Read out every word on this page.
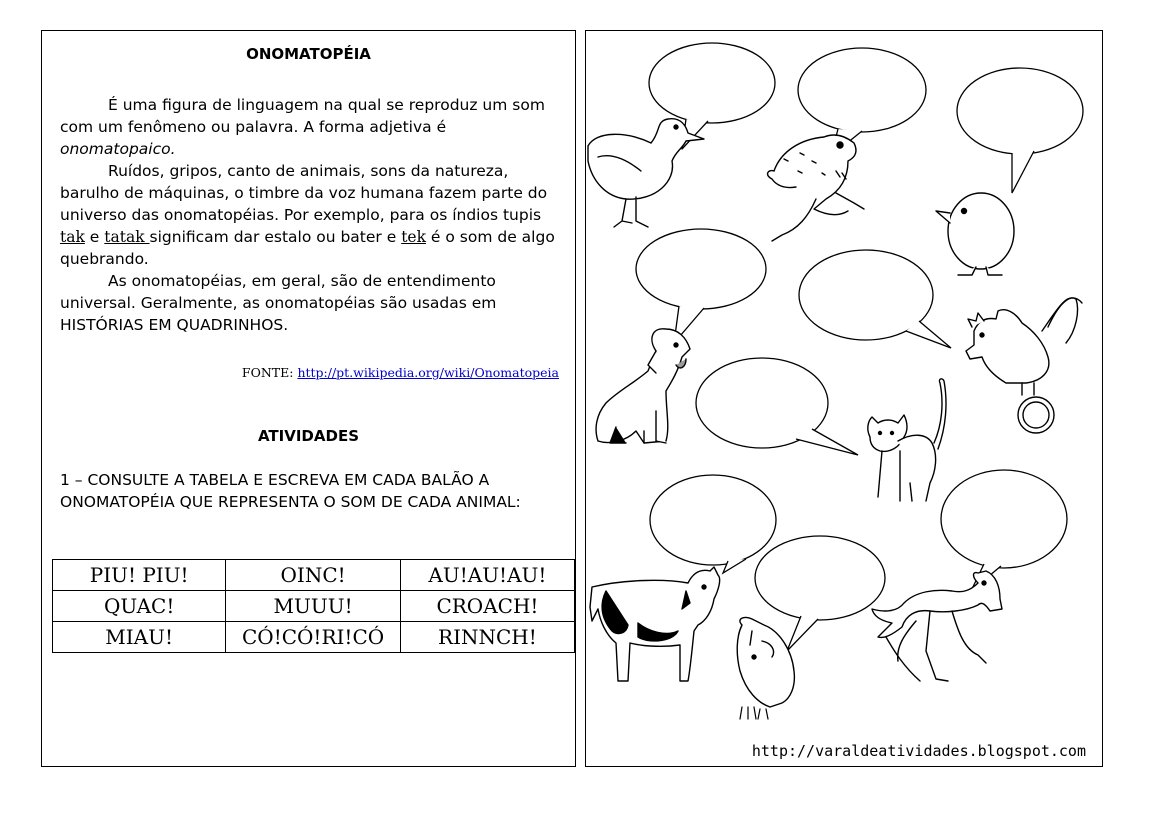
ONOMATOPÉIA

É uma figura de linguagem na qual se reproduz um som com um fenômeno ou palavra. A forma adjetiva é onomatopaico.

Ruídos, gripos, canto de animais, sons da natureza, barulho de máquinas, o timbre da voz humana fazem parte do universo das onomatopéias. Por exemplo, para os índios tupis tak e tatak significam dar estalo ou bater e tek é o som de algo quebrando.

As onomatopéias, em geral, são de entendimento universal. Geralmente, as onomatopéias são usadas em HISTÓRIAS EM QUADRINHOS.

FONTE: http://pt.wikipedia.org/wiki/Onomatopeia
ATIVIDADES
1 – CONSULTE A TABELA E ESCREVA EM CADA BALÃO A ONOMATOPÉIA QUE REPRESENTA O SOM DE CADA ANIMAL:
PIU! PIU!	OINC!	AU!AU!AU!
QUAC!	MUUU!	CROACH!
MIAU!	CÓ!CÓ!RI!CÓ	RINNCH!
http://varaldeatividades.blogspot.com
